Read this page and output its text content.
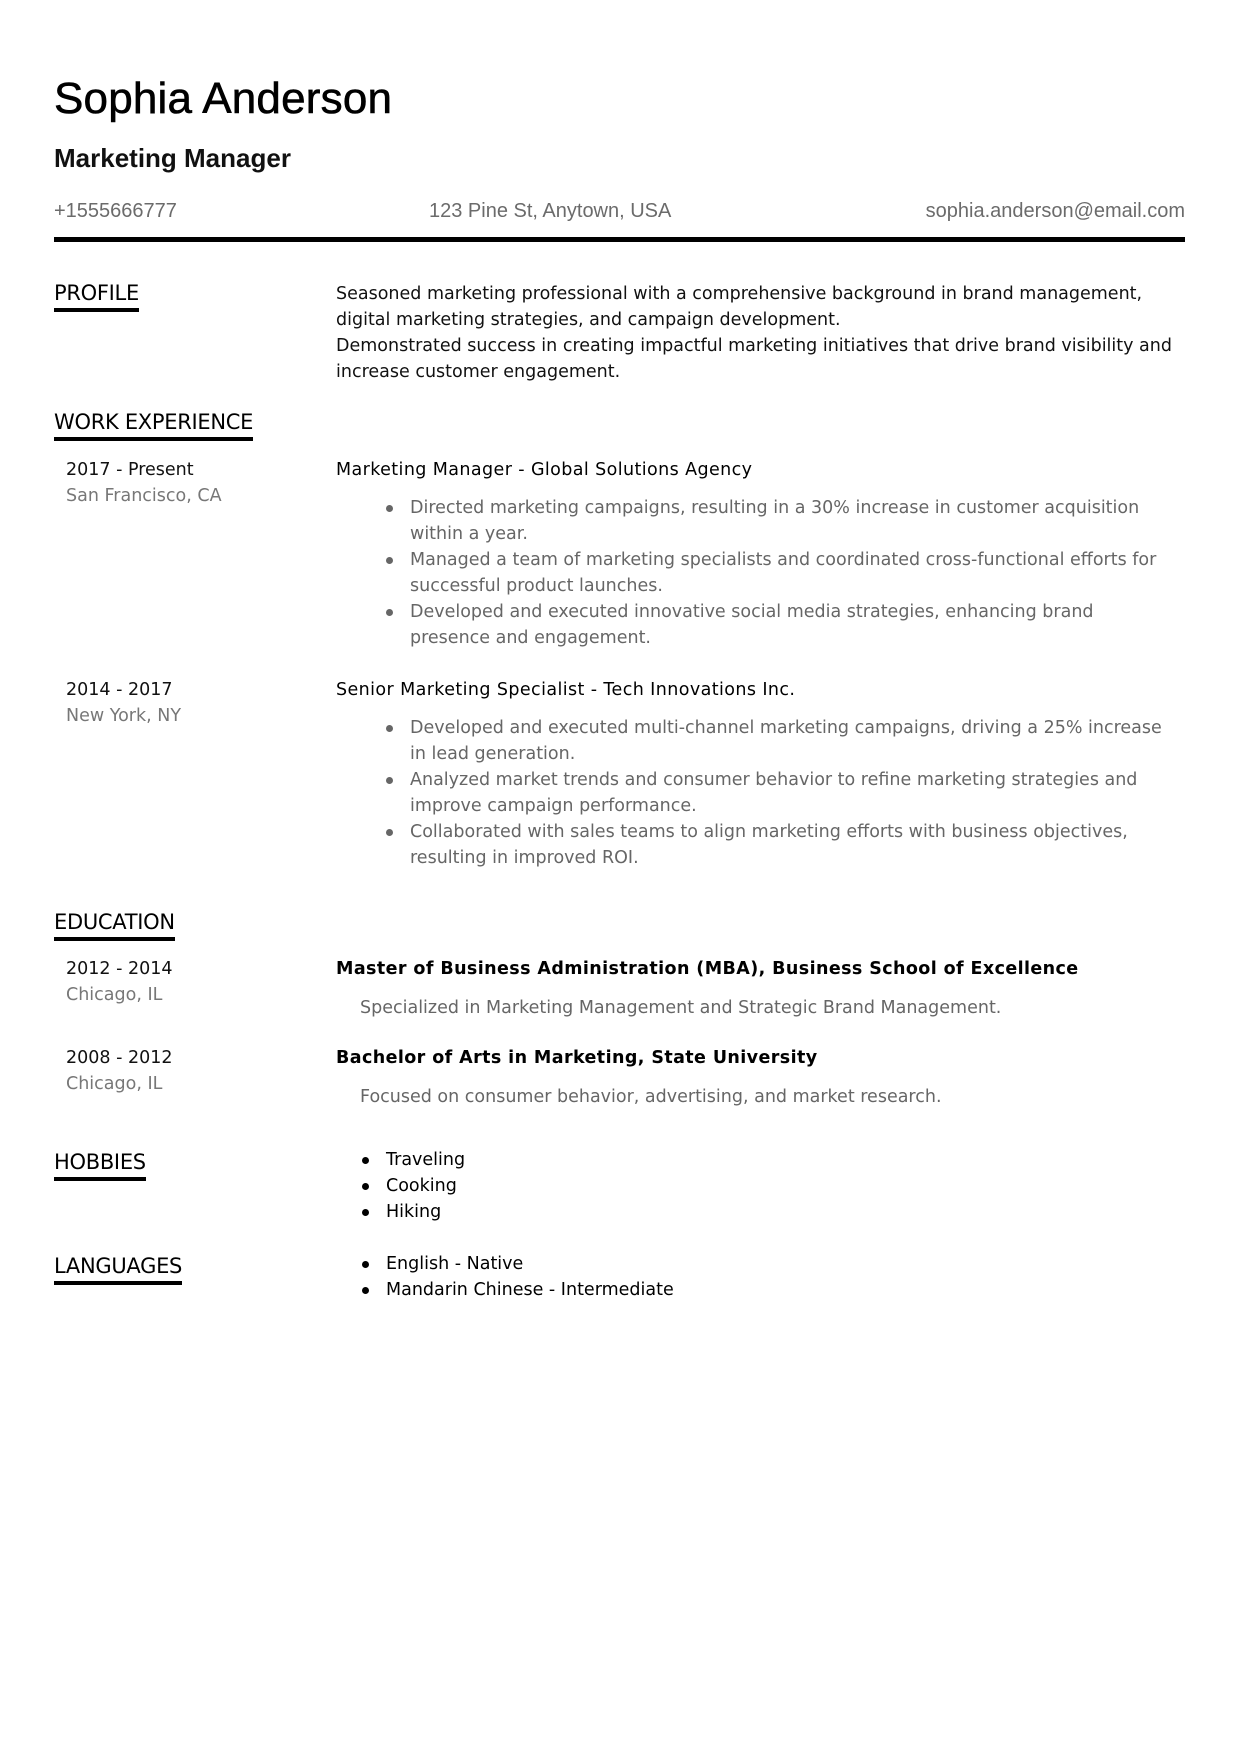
Sophia Anderson
Marketing Manager
+1555666777	123 Pine St, Anytown, USA	sophia.anderson@email.com
PROFILE	Seasoned marketing professional with a comprehensive background in brand management, digital marketing strategies, and campaign development.

Demonstrated success in creating impactful marketing initiatives that drive brand visibility and increase customer engagement.

WORK EXPERIENCE
2017 - Present
San Francisco, CA
Marketing Manager - Global Solutions Agency
Directed marketing campaigns, resulting in a 30% increase in customer acquisition within a year.
Managed a team of marketing specialists and coordinated cross-functional efforts for successful product launches.
Developed and executed innovative social media strategies, enhancing brand presence and engagement.
2014 - 2017
New York, NY
Senior Marketing Specialist - Tech Innovations Inc.
Developed and executed multi-channel marketing campaigns, driving a 25% increase in lead generation.
Analyzed market trends and consumer behavior to refine marketing strategies and improve campaign performance.
Collaborated with sales teams to align marketing efforts with business objectives, resulting in improved ROI.
EDUCATION
2012 - 2014
Chicago, IL
Master of Business Administration (MBA), Business School of Excellence
Specialized in Marketing Management and Strategic Brand Management.
2008 - 2012
Chicago, IL
Bachelor of Arts in Marketing, State University
Focused on consumer behavior, advertising, and market research.
HOBBIES	Traveling
Cooking
Hiking
LANGUAGES	English - Native
Mandarin Chinese - Intermediate
